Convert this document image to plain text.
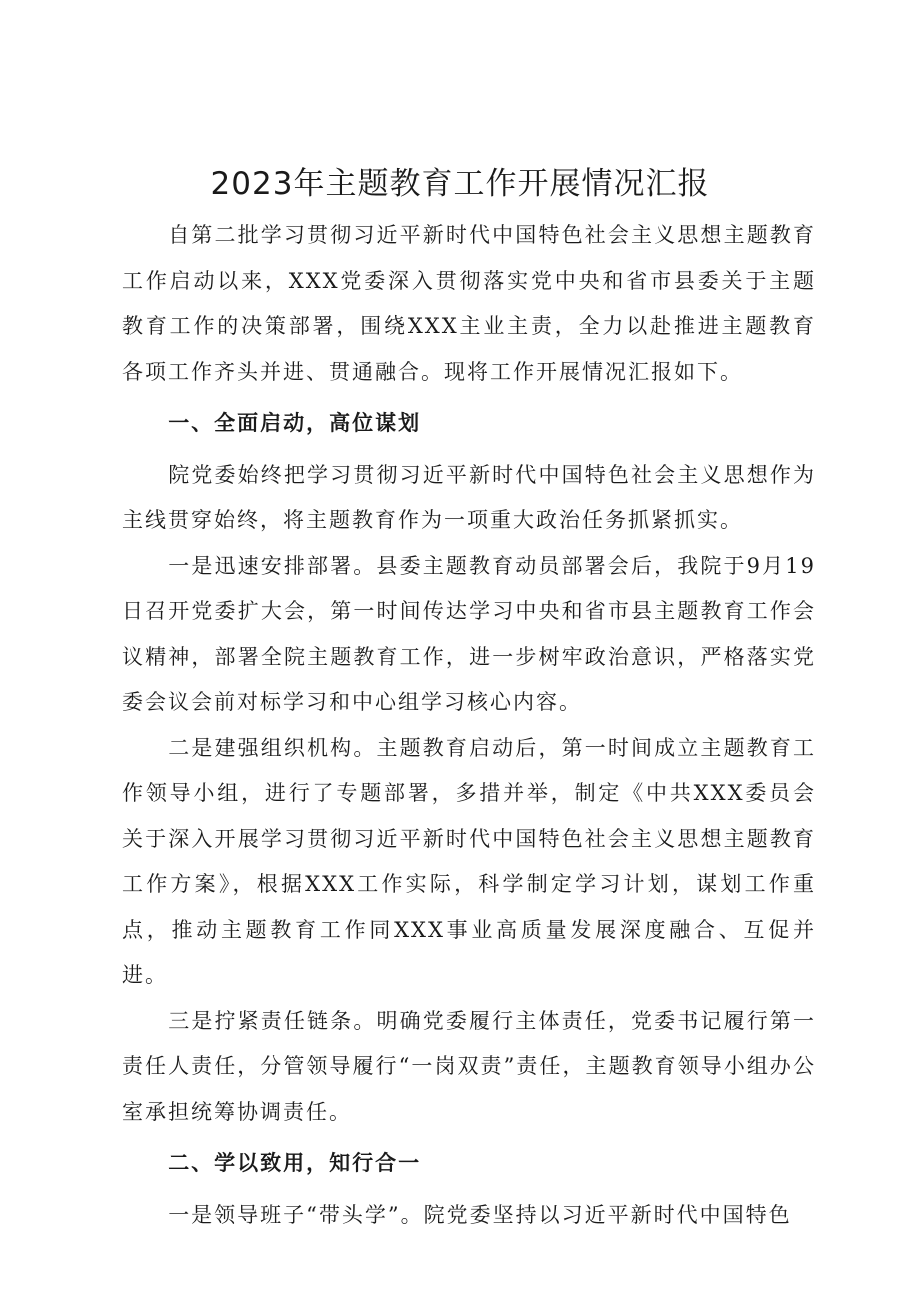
2023年主题教育工作开展情况汇报

自第二批学习贯彻习近平新时代中国特色社会主义思想主题教育工作启动以来，XXX党委深入贯彻落实党中央和省市县委关于主题教育工作的决策部署，围绕XXX主业主责，全力以赴推进主题教育各项工作齐头并进、贯通融合。现将工作开展情况汇报如下。

一、全面启动，高位谋划

院党委始终把学习贯彻习近平新时代中国特色社会主义思想作为主线贯穿始终，将主题教育作为一项重大政治任务抓紧抓实。

一是迅速安排部署。县委主题教育动员部署会后，我院于9月19日召开党委扩大会，第一时间传达学习中央和省市县主题教育工作会议精神，部署全院主题教育工作，进一步树牢政治意识，严格落实党委会议会前对标学习和中心组学习核心内容。

二是建强组织机构。主题教育启动后，第一时间成立主题教育工作领导小组，进行了专题部署，多措并举，制定《中共XXX委员会关于深入开展学习贯彻习近平新时代中国特色社会主义思想主题教育工作方案》，根据XXX工作实际，科学制定学习计划，谋划工作重点，推动主题教育工作同XXX事业高质量发展深度融合、互促并进。

三是拧紧责任链条。明确党委履行主体责任，党委书记履行第一责任人责任，分管领导履行“一岗双责”责任，主题教育领导小组办公室承担统筹协调责任。

二、学以致用，知行合一

一是领导班子“带头学”。院党委坚持以习近平新时代中国特色
